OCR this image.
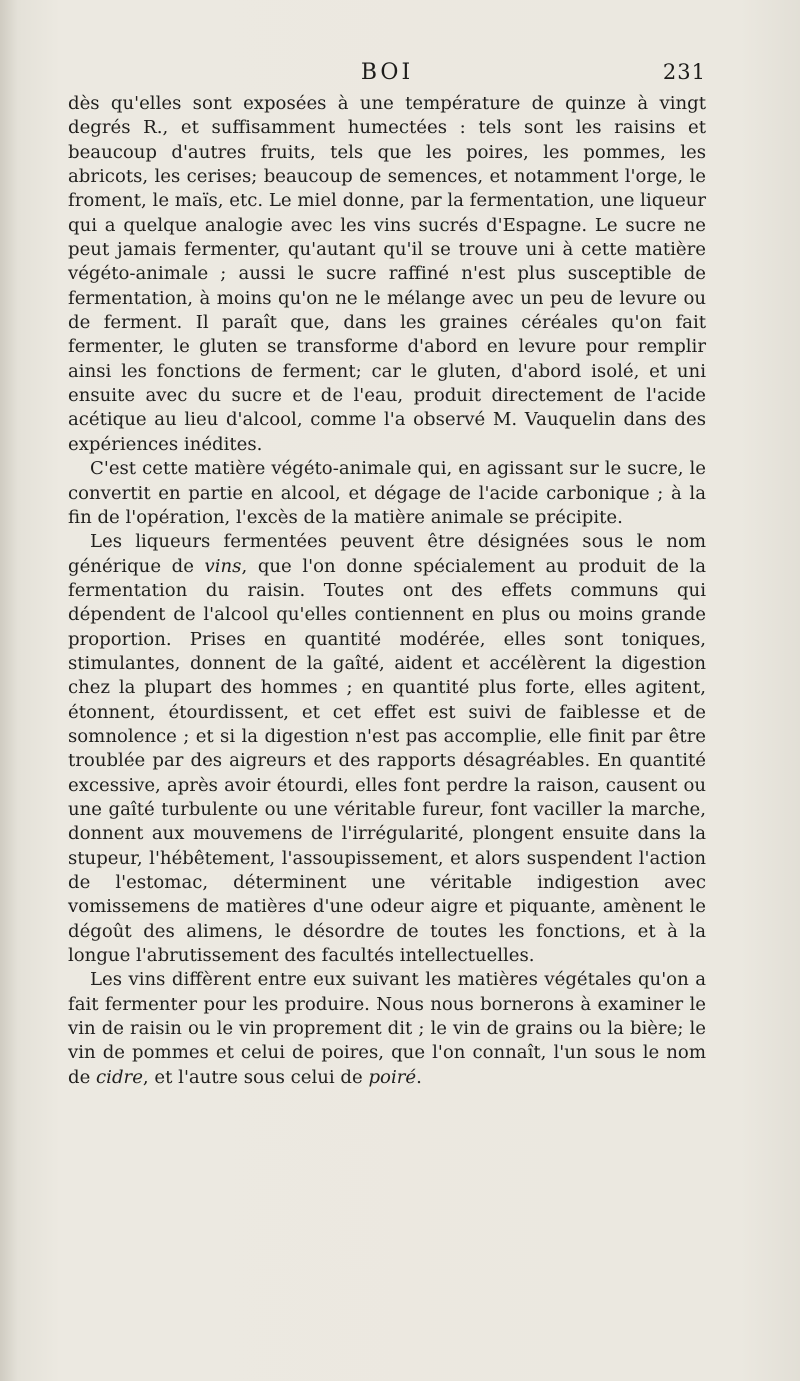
BOI	231

dès qu'elles sont exposées à une température de quinze à vingt degrés R., et suffisamment humectées : tels sont les raisins et beaucoup d'autres fruits, tels que les poires, les pommes, les abricots, les cerises; beaucoup de semences, et notamment l'orge, le froment, le maïs, etc. Le miel donne, par la fermentation, une liqueur qui a quelque analogie avec les vins sucrés d'Espagne. Le sucre ne peut jamais fermenter, qu'autant qu'il se trouve uni à cette matière végéto-animale ; aussi le sucre raffiné n'est plus susceptible de fermentation, à moins qu'on ne le mélange avec un peu de levure ou de ferment. Il paraît que, dans les graines céréales qu'on fait fermenter, le gluten se transforme d'abord en levure pour remplir ainsi les fonctions de ferment; car le gluten, d'abord isolé, et uni ensuite avec du sucre et de l'eau, produit directement de l'acide acétique au lieu d'alcool, comme l'a observé M. Vauquelin dans des expériences inédites.

C'est cette matière végéto-animale qui, en agissant sur le sucre, le convertit en partie en alcool, et dégage de l'acide carbonique ; à la fin de l'opération, l'excès de la matière animale se précipite.

Les liqueurs fermentées peuvent être désignées sous le nom générique de vins, que l'on donne spécialement au produit de la fermentation du raisin. Toutes ont des effets communs qui dépendent de l'alcool qu'elles contiennent en plus ou moins grande proportion. Prises en quantité modérée, elles sont toniques, stimulantes, donnent de la gaîté, aident et accélèrent la digestion chez la plupart des hommes ; en quantité plus forte, elles agitent, étonnent, étourdissent, et cet effet est suivi de faiblesse et de somnolence ; et si la digestion n'est pas accomplie, elle finit par être troublée par des aigreurs et des rapports désagréables. En quantité excessive, après avoir étourdi, elles font perdre la raison, causent ou une gaîté turbulente ou une véritable fureur, font vaciller la marche, donnent aux mouvemens de l'irrégularité, plongent ensuite dans la stupeur, l'hébêtement, l'assoupissement, et alors suspendent l'action de l'estomac, déterminent une véritable indigestion avec vomissemens de matières d'une odeur aigre et piquante, amènent le dégoût des alimens, le désordre de toutes les fonctions, et à la longue l'abrutissement des facultés intellectuelles.

Les vins diffèrent entre eux suivant les matières végétales qu'on a fait fermenter pour les produire. Nous nous bornerons à examiner le vin de raisin ou le vin proprement dit ; le vin de grains ou la bière; le vin de pommes et celui de poires, que l'on connaît, l'un sous le nom de cidre, et l'autre sous celui de poiré.
